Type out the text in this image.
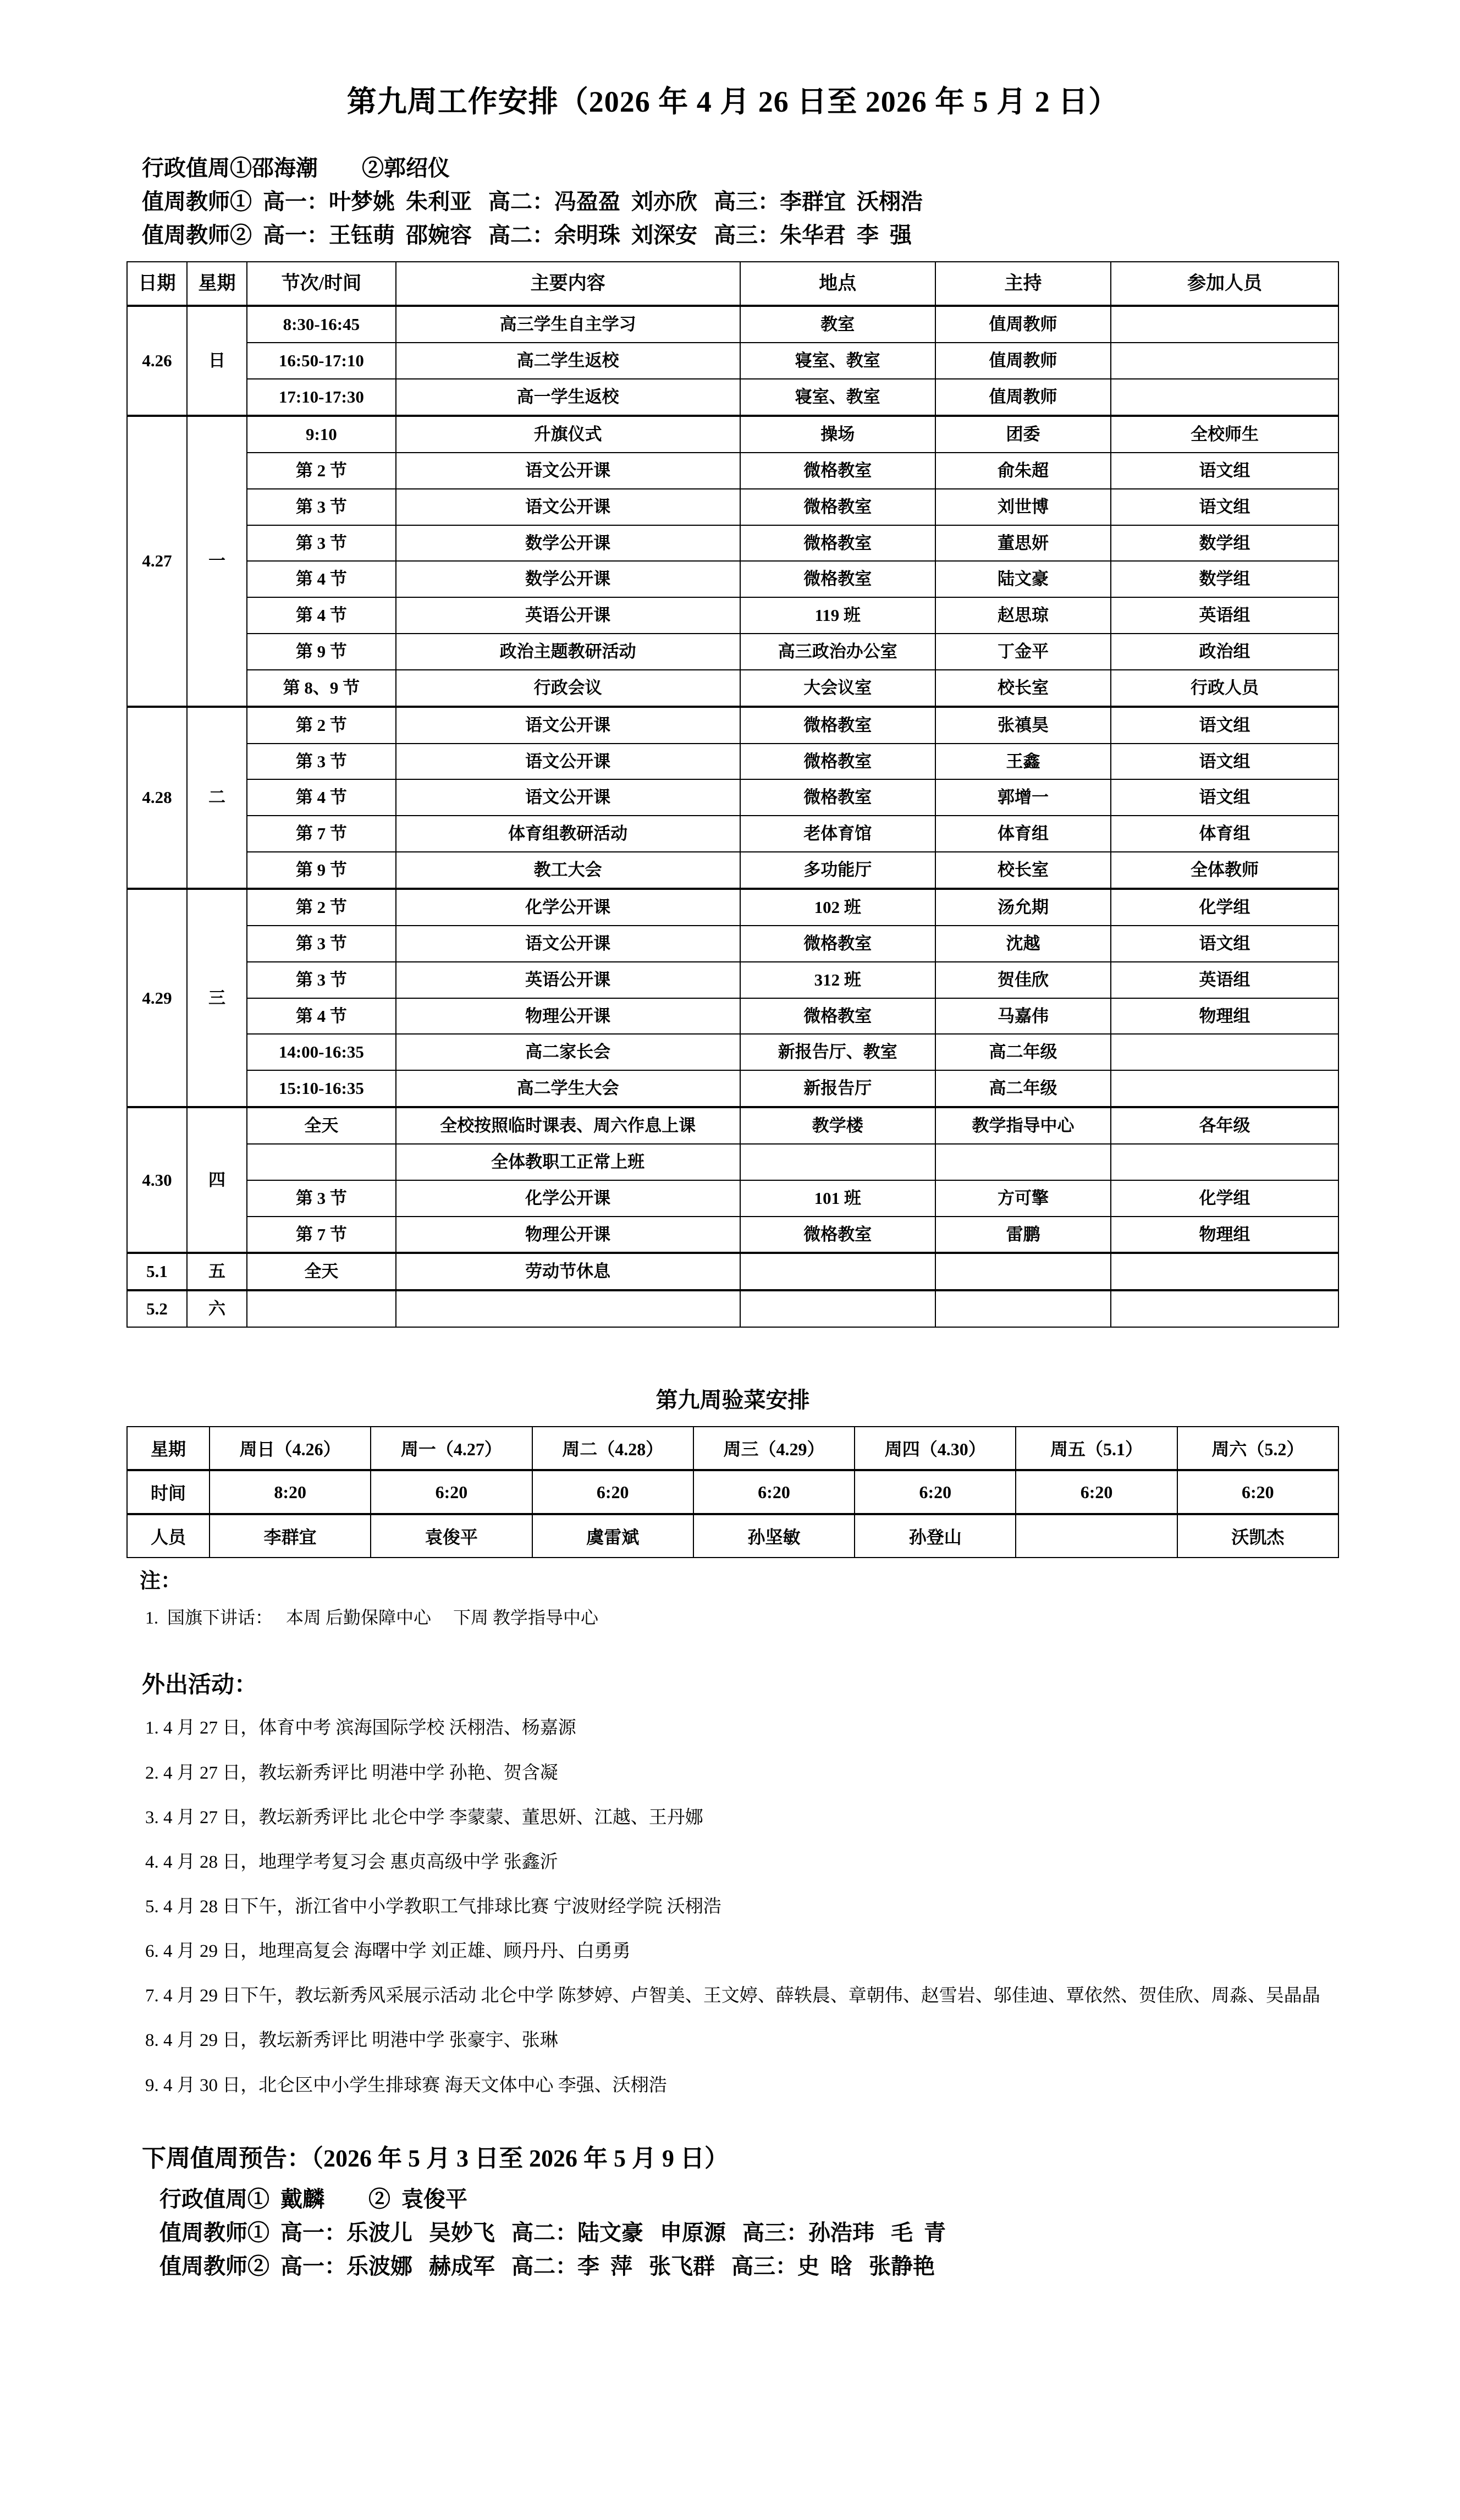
第九周工作安排（2026 年 4 月 26 日至 2026 年 5 月 2 日）
行政值周①邵海潮        ②郭绍仪
值周教师①  高一：叶梦姚  朱利亚   高二：冯盈盈  刘亦欣   高三：李群宜  沃栩浩
值周教师②  高一：王钰萌  邵婉容   高二：余明珠  刘深安   高三：朱华君  李  强
日期	星期	节次/时间	主要内容	地点	主持	参加人员
4.26	日	8:30-16:45	高三学生自主学习	教室	值周教师	
		16:50-17:10	高二学生返校	寝室、教室	值周教师	
		17:10-17:30	高一学生返校	寝室、教室	值周教师	
4.27	一	9:10	升旗仪式	操场	团委	全校师生
		第 2 节	语文公开课	微格教室	俞朱超	语文组
		第 3 节	语文公开课	微格教室	刘世博	语文组
		第 3 节	数学公开课	微格教室	董思妍	数学组
		第 4 节	数学公开课	微格教室	陆文豪	数学组
		第 4 节	英语公开课	119 班	赵思琼	英语组
		第 9 节	政治主题教研活动	高三政治办公室	丁金平	政治组
		第 8、9 节	行政会议	大会议室	校长室	行政人员
4.28	二	第 2 节	语文公开课	微格教室	张禛昊	语文组
		第 3 节	语文公开课	微格教室	王鑫	语文组
		第 4 节	语文公开课	微格教室	郭增一	语文组
		第 7 节	体育组教研活动	老体育馆	体育组	体育组
		第 9 节	教工大会	多功能厅	校长室	全体教师
4.29	三	第 2 节	化学公开课	102 班	汤允期	化学组
		第 3 节	语文公开课	微格教室	沈越	语文组
		第 3 节	英语公开课	312 班	贺佳欣	英语组
		第 4 节	物理公开课	微格教室	马嘉伟	物理组
		14:00-16:35	高二家长会	新报告厅、教室	高二年级	
		15:10-16:35	高二学生大会	新报告厅	高二年级	
4.30	四	全天	全校按照临时课表、周六作息上课	教学楼	教学指导中心	各年级
			全体教职工正常上班			
		第 3 节	化学公开课	101 班	方可擎	化学组
		第 7 节	物理公开课	微格教室	雷鹏	物理组
5.1	五	全天	劳动节休息			
5.2	六					
第九周验菜安排
星期	周日（4.26）	周一（4.27）	周二（4.28）	周三（4.29）	周四（4.30）	周五（5.1）	周六（5.2）
时间	8:20	6:20	6:20	6:20	6:20	6:20	6:20
人员	李群宜	袁俊平	虞雷斌	孙坚敏	孙登山		沃凯杰
注：
1.  国旗下讲话：   本周 后勤保障中心     下周 教学指导中心
外出活动：
1. 4 月 27 日，体育中考 滨海国际学校 沃栩浩、杨嘉源
2. 4 月 27 日，教坛新秀评比 明港中学 孙艳、贺含凝
3. 4 月 27 日，教坛新秀评比 北仑中学 李蒙蒙、董思妍、江越、王丹娜
4. 4 月 28 日，地理学考复习会 惠贞高级中学 张鑫沂
5. 4 月 28 日下午，浙江省中小学教职工气排球比赛 宁波财经学院 沃栩浩
6. 4 月 29 日，地理高复会 海曙中学 刘正雄、顾丹丹、白勇勇
7. 4 月 29 日下午，教坛新秀风采展示活动 北仑中学 陈梦婷、卢智美、王文婷、薛轶晨、章朝伟、赵雪岩、邬佳迪、覃依然、贺佳欣、周淼、吴晶晶
8. 4 月 29 日，教坛新秀评比 明港中学 张豪宇、张琳
9. 4 月 30 日，北仑区中小学生排球赛 海天文体中心 李强、沃栩浩
下周值周预告：（2026 年 5 月 3 日至 2026 年 5 月 9 日）
行政值周①  戴麟        ②  袁俊平
值周教师①  高一：乐波儿   吴妙飞   高二：陆文豪   申原源   高三：孙浩玮   毛  青
值周教师②  高一：乐波娜   赫成军   高二：李  萍   张飞群   高三：史  晗   张静艳
